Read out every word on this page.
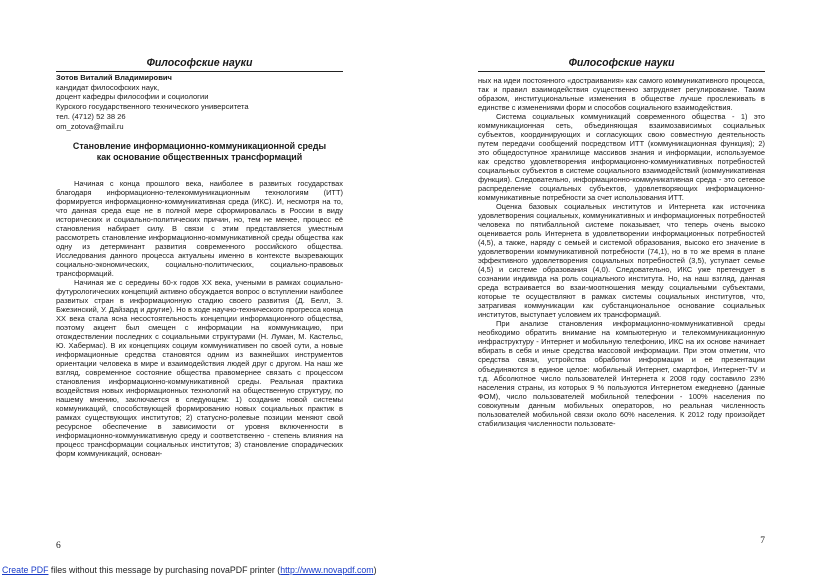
Философские науки
Зотов Виталий Владимирович
кандидат философских наук,
доцент кафедры философии и социологии
Курского государственного технического университета
тел. (4712) 52 38 26
om_zotova@mail.ru
Становление информационно-коммуникационной среды
как основание общественных трансформаций

Начиная с конца прошлого века, наиболее в развитых государствах благодаря информационно-телекоммуникационным технологиям (ИТТ) формируется информационно-коммуникативная среда (ИКС). И, несмотря на то, что данная среда еще не в полной мере сформировалась в России в виду исторических и социально-политических причин, но, тем не менее, процесс её становления набирает силу. В связи с этим представляется уместным рассмотреть становление информационно-коммуникативной среды общества как одну из детерминант развития современного российского общества. Исследования данного процесса актуальны именно в контексте вызревающих социально-экономических, социально-политических, социально-правовых трансформаций.

Начиная же с середины 60-х годов XX века, учеными в рамках социально-футурологических концепций активно обсуждается вопрос о вступлении наиболее развитых стран в информационную стадию своего развития (Д. Белл, З. Бжезинский, У. Дайзард и другие). Но в ходе научно-технического прогресса конца XX века стала ясна несостоятельность концепции информационного общества, поэтому акцент был смещен с информации на коммуникацию, при отождествлении последних с социальными структурами (Н. Луман, М. Кастельс, Ю. Хабермас). В их концепциях социум коммуникативен по своей сути, а новые информационные средства становятся одним из важнейших инструментов ориентации человека в мире и взаимодействия людей друг с другом. На наш же взгляд, современное состояние общества правомернее связать с процессом становления информационно-коммуникативной среды. Реальная практика воздействия новых информационных технологий на общественную структуру, по нашему мнению, заключается в следующем: 1) создание новой системы коммуникаций, способствующей формированию новых социальных практик в рамках существующих институтов; 2) статусно-ролевые позиции меняют свой ресурсное обеспечение в зависимости от уровня включенности в информационно-коммуникативную среду и соответственно - степень влияния на процесс трансформации социальных институтов; 3) становление спорадических форм коммуникаций, основан-

6
Философские науки

ных на идеи постоянного «достраивания» как самого коммуникативного процесса, так и правил взаимодействия существенно затрудняет регулирование. Таким образом, институциональные изменения в обществе лучше прослеживать в единстве с изменениями форм и способов социального взаимодействия.

Система социальных коммуникаций современного общества - 1) это коммуникационная сеть, объединяющая взаимозависимых социальных субъектов, координирующих и согласующих свою совместную деятельность путем передачи сообщений посредством ИТТ (коммуникационная функция); 2) это общедоступное хранилище массивов знания и информации, используемое как средство удовлетворения информационно-коммуникативных потребностей социальных субъектов в системе социального взаимодействий (коммуникативная функция). Следовательно, информационно-коммуникативная среда - это сетевое распределение социальных субъектов, удовлетворяющих информационно-коммуникативные потребности за счет использования ИТТ.

Оценка базовых социальных институтов и Интернета как источника удовлетворения социальных, коммуникативных и информационных потребностей человека по пятибалльной системе показывает, что теперь очень высоко оценивается роль Интернета в удовлетворении информационных потребностей (4,5), а также, наряду с семьей и системой образования, высоко его значение в удовлетворении коммуникативной потребности (74,1), но в то же время в плане эффективного удовлетворения социальных потребностей (3,5), уступает семье (4,5) и системе образования (4,0). Следовательно, ИКС уже претендует в сознании индивида на роль социального института. Но, на наш взгляд, данная среда встраивается во взаи-моотношения между социальными субъектами, которые те осуществляют в рамках системы социальных институтов, что, затрагивая коммуникации как субстанциональное основание социальных институтов, выступает условием их трансформаций.

При анализе становления информационно-коммуникативной среды необходимо обратить внимание на компьютерную и телекоммуникационную инфраструктуру - Интернет и мобильную телефонию, ИКС на их основе начинает вбирать в себя и иные средства массовой информации. При этом отметим, что средства связи, устройства обработки информации и её презентации объединяются в единое целое: мобильный Интернет, смартфон, Интернет-TV и т.д. Абсолютное число пользователей Интернета к 2008 году составило 23% населения страны, из которых 9 % пользуются Интернетом ежедневно (данные ФОМ), число пользователей мобильной телефонии - 100% населения по совокупным данным мобильных операторов, но реальная численность пользователей мобильной связи около 60% населения. К 2012 году произойдет стабилизация численности пользовате-

7
Create PDF files without this message by purchasing novaPDF printer (http://www.novapdf.com)
